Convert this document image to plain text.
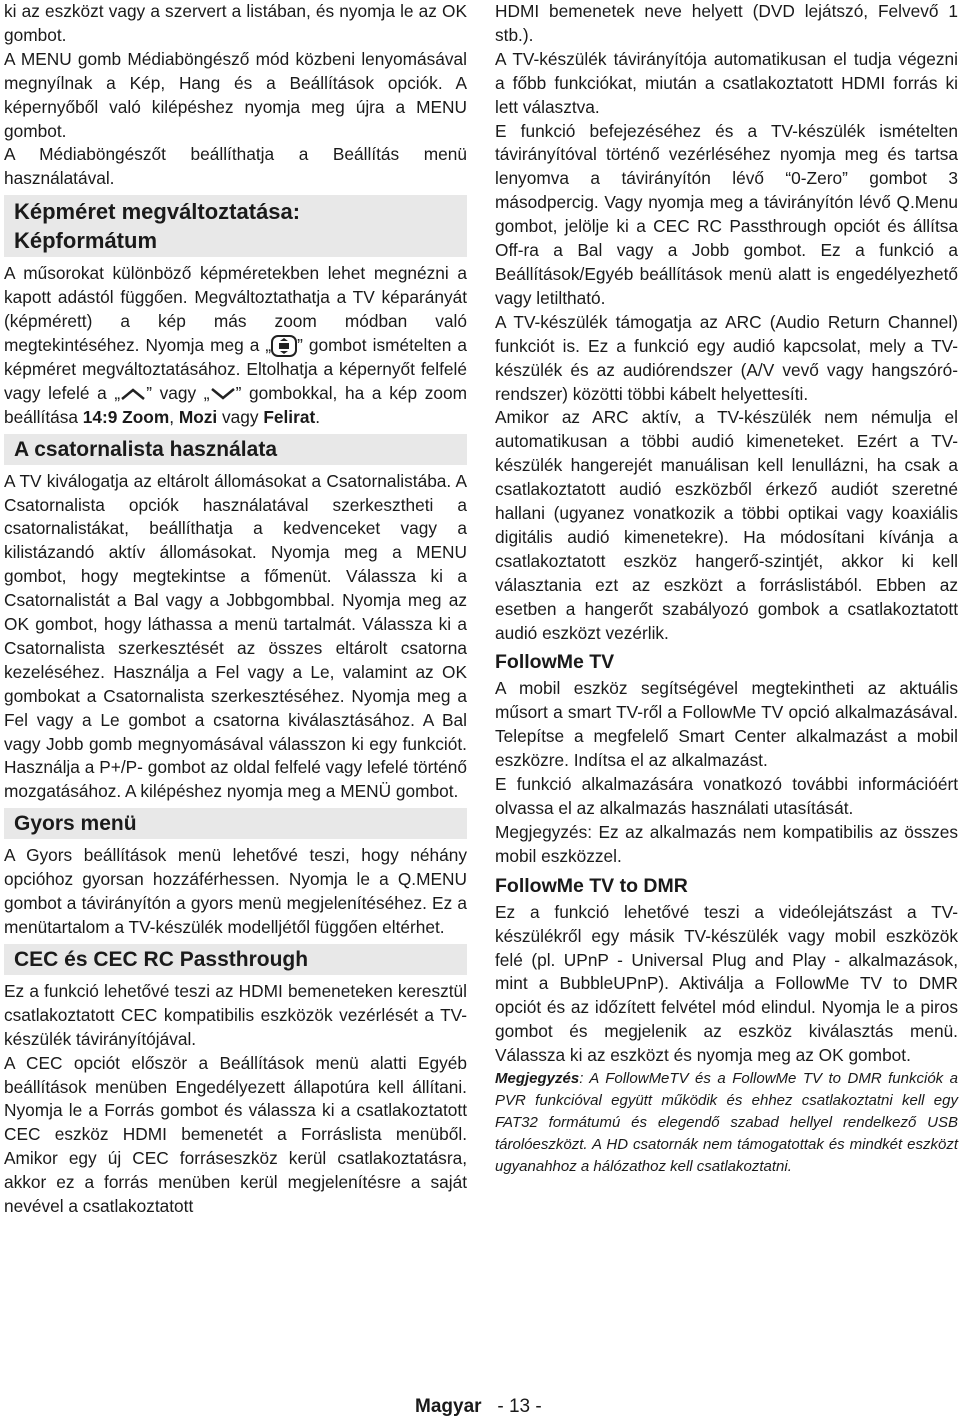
ki az eszközt vagy a szervert a listában, és nyomja le az OK gombot.

A MENU gomb Médiaböngésző mód közbeni lenyomásával megnyílnak a Kép, Hang és a Beállítások opciók. A képernyőből való kilépéshez nyomja meg újra a MENU gombot.

A Médiaböngészőt beállíthatja a Beállítás menü használatával.

Képméret megváltoztatása:
Képformátum

A műsorokat különböző képméretekben lehet megnézni a kapott adástól függően. Megváltoztathatja a TV képarányát (képmérett) a kép más zoom módban való megtekintéséhez. Nyomja meg a „ ” gombot ismételten a képméret megváltoztatásához. Eltolhatja a képernyőt felfelé vagy lefelé a „ ” vagy „ ” gombokkal, ha a kép zoom beállítása 14:9 Zoom, Mozi vagy Felirat.

A csatornalista használata

A TV kiválogatja az eltárolt állomásokat a Csatornalistába. A Csatornalista opciók használatával szerkesztheti a csatornalistákat, beállíthatja a kedvenceket vagy a kilistázandó aktív állomásokat. Nyomja meg a MENU gombot, hogy megtekintse a főmenüt. Válassza ki a Csatornalistát a Bal vagy a Jobbgombbal. Nyomja meg az OK gombot, hogy láthassa a menü tartalmát. Válassza ki a Csatornalista szerkesztését az összes eltárolt csatorna kezeléséhez. Használja a Fel vagy a Le, valamint az OK gombokat a Csatornalista szerkesztéséhez. Nyomja meg a Fel vagy a Le gombot a csatorna kiválasztásához. A Bal vagy Jobb gomb megnyomásával válasszon ki egy funkciót. Használja a P+/P- gombot az oldal felfelé vagy lefelé történő mozgatásához. A kilépéshez nyomja meg a MENÜ gombot.

Gyors menü

A Gyors beállítások menü lehetővé teszi, hogy néhány opcióhoz gyorsan hozzáférhessen. Nyomja le a Q.MENU gombot a távirányítón a gyors menü megjelenítéséhez. Ez a menütartalom a TV-készülék modelljétől függően eltérhet.

CEC és CEC RC Passthrough

Ez a funkció lehetővé teszi az HDMI bemeneteken keresztül csatlakoztatott CEC kompatibilis eszközök vezérlését a TV-készülék távirányítójával.

A CEC opciót először a Beállítások menü alatti Egyéb beállítások menüben Engedélyezett állapotúra kell állítani. Nyomja le a Forrás gombot és válassza ki a csatlakoztatott CEC eszköz HDMI bemenetét a Forráslista menüből. Amikor egy új CEC forráseszköz kerül csatlakoztatásra, akkor ez a forrás menüben kerül megjelenítésre a saját nevével a csatlakoztatott

HDMI bemenetek neve helyett (DVD lejátszó, Felvevő 1 stb.).

A TV-készülék távirányítója automatikusan el tudja végezni a főbb funkciókat, miután a csatlakoztatott HDMI forrás ki lett választva.

E funkció befejezéséhez és a TV-készülék ismételten távirányítóval történő vezérléséhez nyomja meg és tartsa lenyomva a távirányítón lévő “0-Zero” gombot 3 másodpercig. Vagy nyomja meg a távirányítón lévő Q.Menu gombot, jelölje ki a CEC RC Passthrough opciót és állítsa Off-ra a Bal vagy a Jobb gombot. Ez a funkció a Beállítások/Egyéb beállítások menü alatt is engedélyezhető vagy letiltható.

A TV-készülék támogatja az ARC (Audio Return Channel) funkciót is. Ez a funkció egy audió kapcsolat, mely a TV-készülék és az audiórendszer (A/V vevő vagy hangszóró-rendszer) közötti többi kábelt helyettesíti.

Amikor az ARC aktív, a TV-készülék nem némulja el automatikusan a többi audió kimeneteket. Ezért a TV-készülék hangerejét manuálisan kell lenullázni, ha csak a csatlakoztatott audió eszközből érkező audiót szeretné hallani (ugyanez vonatkozik a többi optikai vagy koaxiális digitális audió kimenetekre). Ha módosítani kívánja a csatlakoztatott eszköz hangerő-szintjét, akkor ki kell választania ezt az eszközt a forráslistából. Ebben az esetben a hangerőt szabályozó gombok a csatlakoztatott audió eszközt vezérlik.

FollowMe TV

A mobil eszköz segítségével megtekintheti az aktuális műsort a smart TV-ről a FollowMe TV opció alkalmazásával. Telepítse a megfelelő Smart Center alkalmazást a mobil eszközre. Indítsa el az alkalmazást.

E funkció alkalmazására vonatkozó további információért olvassa el az alkalmazás használati utasítását.

Megjegyzés: Ez az alkalmazás nem kompatibilis az összes mobil eszközzel.

FollowMe TV to DMR

Ez a funkció lehetővé teszi a videólejátszást a TV-készülékről egy másik TV-készülék vagy mobil eszközök felé (pl. UPnP - Universal Plug and Play - alkalmazások, mint a BubbleUPnP). Aktiválja a FollowMe TV to DMR opciót és az időzített felvétel mód elindul. Nyomja le a piros gombot és megjelenik az eszköz kiválasztás menü. Válassza ki az eszközt és nyomja meg az OK gombot.

Megjegyzés: A FollowMeTV és a FollowMe TV to DMR funkciók a PVR funkcióval együtt működik és ehhez csatlakoztatni kell egy FAT32 formátumú és elegendő szabad hellyel rendelkező USB tárolóeszközt. A HD csatornák nem támogatottak és mindkét eszközt ugyanahhoz a hálózathoz kell csatlakoztatni.

Magyar - 13 -
